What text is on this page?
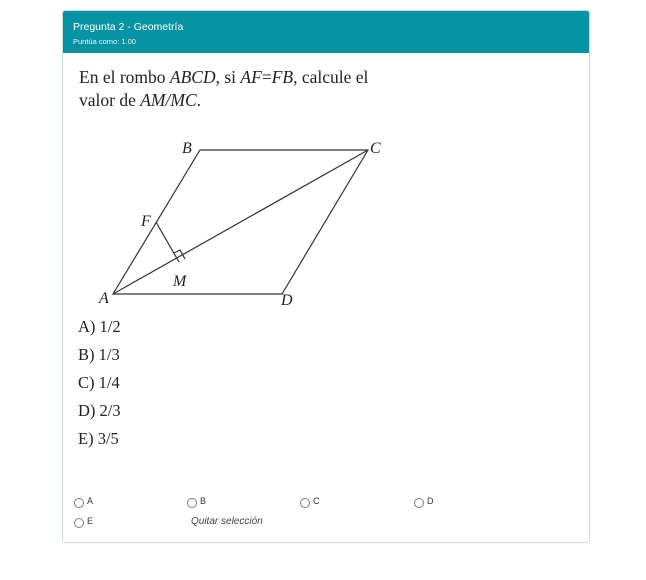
Pregunta 2 - Geometría
Puntúa como: 1.00
En el rombo ABCD, si AF=FB, calcule el
valor de AM/MC.
B	C
F
M
A	D
A) 1/2
B) 1/3
C) 1/4
D) 2/3
E) 3/5
A	B	C	D
E	Quitar selección
